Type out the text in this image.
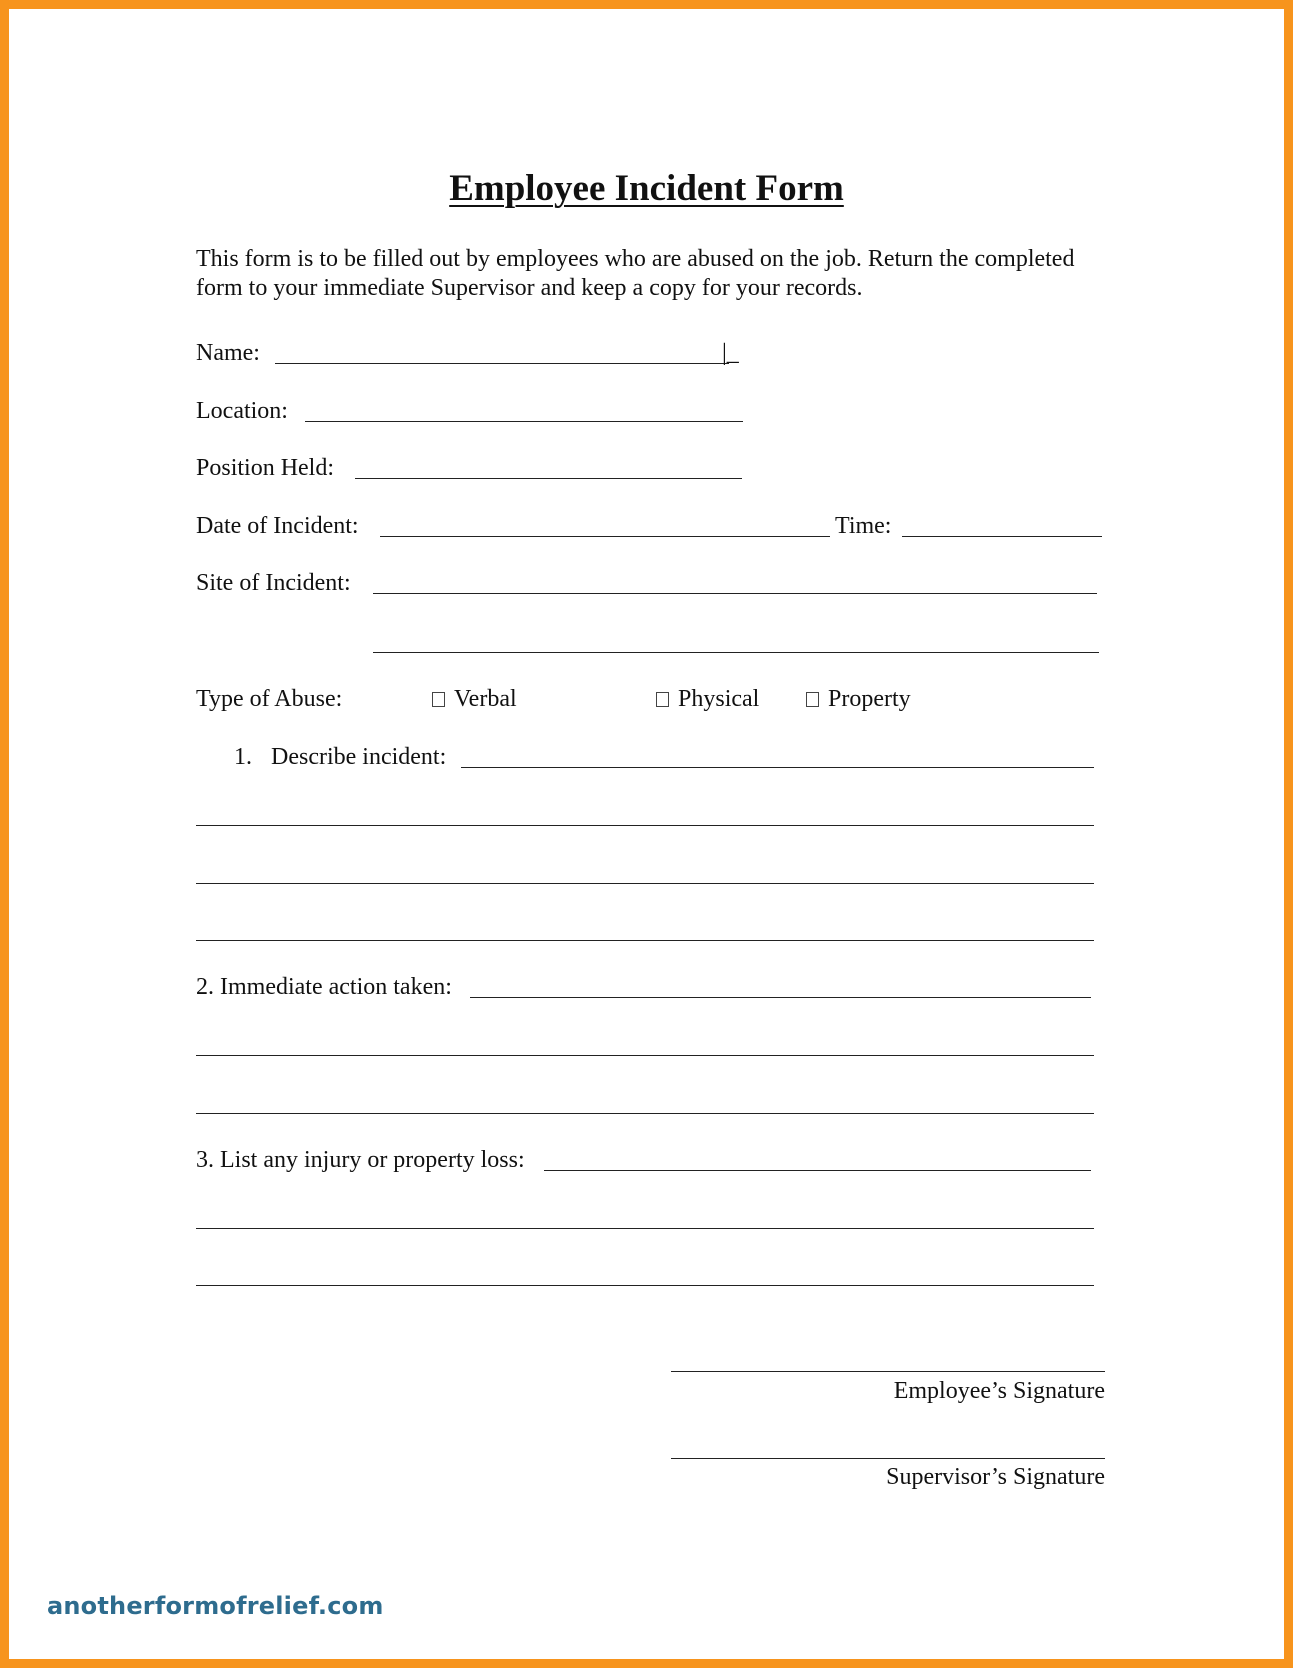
Employee Incident Form

This form is to be filled out by employees who are abused on the job. Return the completed form to your immediate Supervisor and keep a copy for your records.

Name:	|_
Location:
Position Held:
Date of Incident:	Time:
Site of Incident:
Type of Abuse:	Verbal	Physical	Property
1. Describe incident:
2. Immediate action taken:
3. List any injury or property loss:
Employee’s Signature
Supervisor’s Signature

anotherformofrelief.com
